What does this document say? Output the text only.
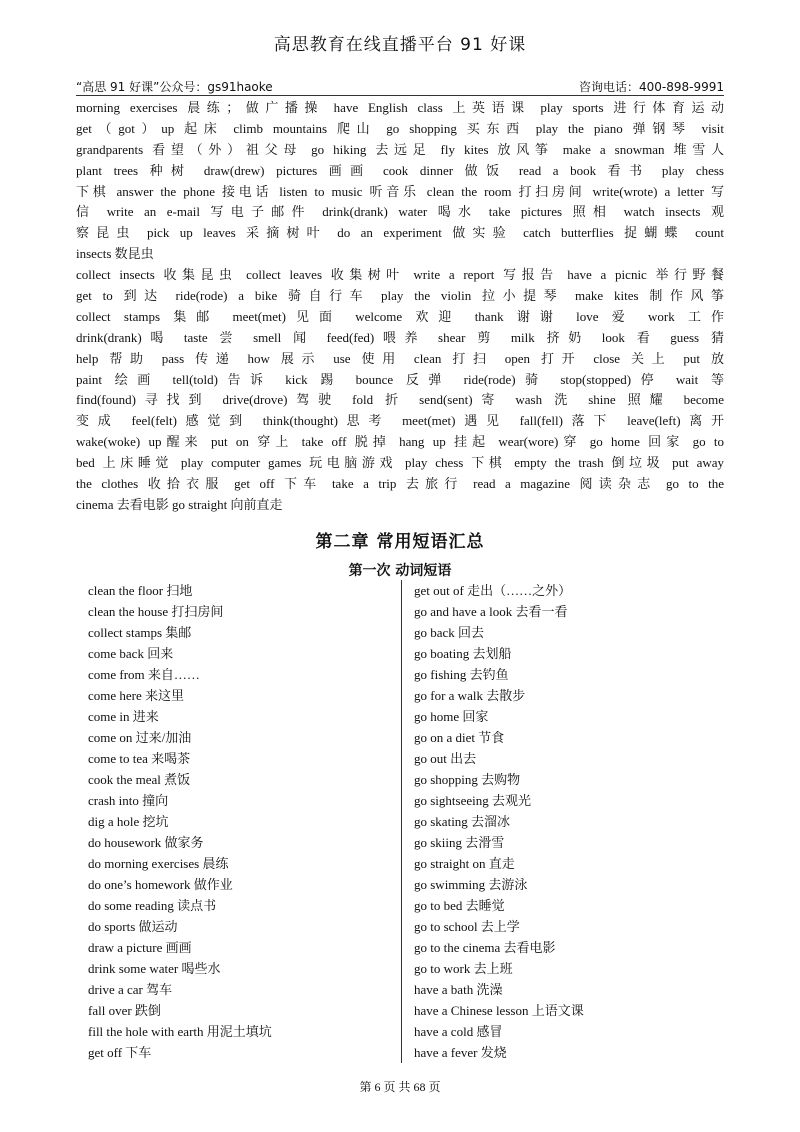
高思教育在线直播平台 91 好课
“高思 91 好课”公众号：gs91haoke	咨询电话：400-898-9991
morning exercises 晨练；做广播操 have English class 上英语课 play sports 进行体育运动
get（got）up 起床 climb mountains 爬山 go shopping 买东西 play the piano 弹钢琴 visit
grandparents 看望（外）祖父母 go hiking 去远足 fly kites 放风筝 make a snowman 堆雪人
plant trees 种树 draw(drew) pictures 画画 cook dinner 做饭 read a book 看书 play chess
下棋 answer the phone 接电话 listen to music 听音乐 clean the room 打扫房间 write(wrote) a letter 写
信 write an e-mail 写电子邮件 drink(drank) water 喝水 take pictures 照相 watch insects 观
察昆虫 pick up leaves 采摘树叶 do an experiment 做实验 catch butterflies 捉蝴蝶 count
insects 数昆虫
collect insects 收集昆虫 collect leaves 收集树叶 write a report 写报告 have a picnic 举行野餐
get to 到达 ride(rode) a bike 骑自行车 play the violin 拉小提琴 make kites 制作风筝
collect stamps 集邮 meet(met)见面 welcome 欢迎 thank 谢谢 love 爱 work 工作
drink(drank)喝 taste 尝 smell 闻 feed(fed)喂养 shear 剪 milk 挤奶 look 看 guess 猜
help 帮助 pass 传递 how 展示 use 使用 clean 打扫 open 打开 close 关上 put 放
paint 绘画 tell(told)告诉 kick 踢 bounce 反弹 ride(rode)骑 stop(stopped)停 wait 等
find(found)寻找到 drive(drove)驾驶 fold 折 send(sent)寄 wash 洗 shine 照耀 become
变成 feel(felt)感觉到 think(thought)思考 meet(met)遇见 fall(fell)落下 leave(left)离开
wake(woke) up醒来 put on 穿上 take off 脱掉 hang up 挂起 wear(wore)穿 go home 回家 go to
bed 上床睡觉 play computer games 玩电脑游戏 play chess 下棋 empty the trash 倒垃圾 put away
the clothes 收拾衣服 get off 下车 take a trip 去旅行 read a magazine 阅读杂志 go to the
cinema 去看电影 go straight 向前直走
第二章 常用短语汇总
第一次 动词短语
clean the floor 扫地
clean the house 打扫房间
collect stamps 集邮
come back 回来
come from 来自……
come here 来这里
come in 进来
come on 过来/加油
come to tea 来喝茶
cook the meal 煮饭
crash into 撞向
dig a hole 挖坑
do housework 做家务
do morning exercises 晨练
do one’s homework 做作业
do some reading 读点书
do sports 做运动
draw a picture 画画
drink some water 喝些水
drive a car 驾车
fall over 跌倒
fill the hole with earth 用泥土填坑
get off 下车
get out of 走出（……之外）
go and have a look 去看一看
go back 回去
go boating 去划船
go fishing 去钓鱼
go for a walk 去散步
go home 回家
go on a diet 节食
go out 出去
go shopping 去购物
go sightseeing 去观光
go skating 去溜冰
go skiing 去滑雪
go straight on 直走
go swimming 去游泳
go to bed 去睡觉
go to school 去上学
go to the cinema 去看电影
go to work 去上班
have a bath 洗澡
have a Chinese lesson 上语文课
have a cold 感冒
have a fever 发烧
第 6 页 共 68 页
